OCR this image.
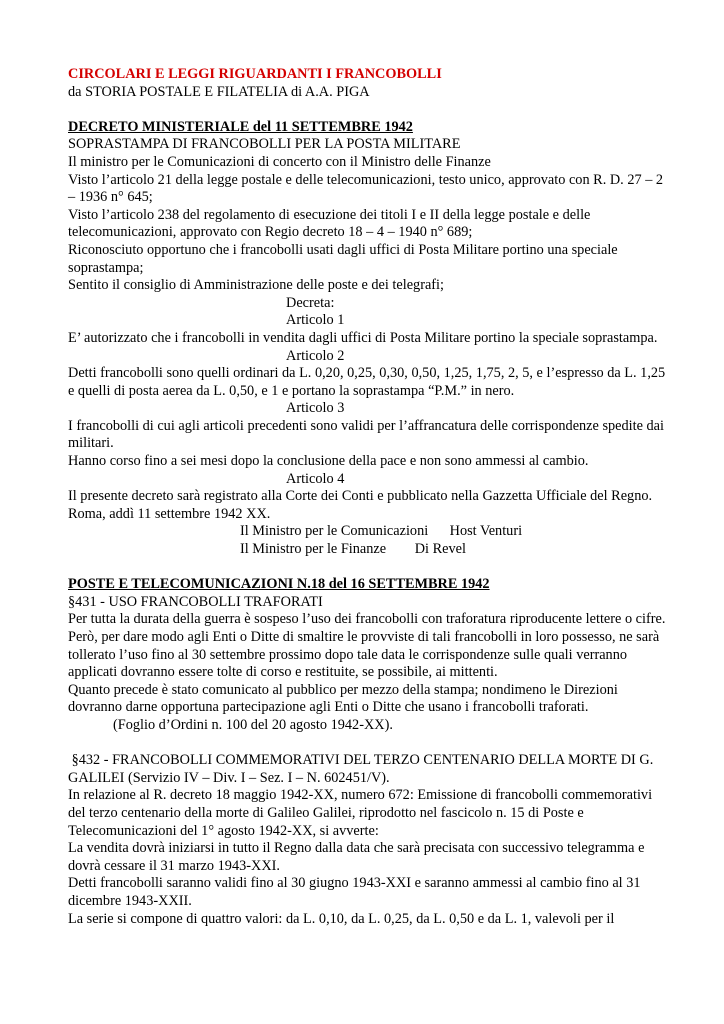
CIRCOLARI E LEGGI RIGUARDANTI I FRANCOBOLLI

da STORIA POSTALE E FILATELIA di A.A. PIGA

DECRETO MINISTERIALE del 11 SETTEMBRE 1942

SOPRASTAMPA DI FRANCOBOLLI PER LA POSTA MILITARE

Il ministro per le Comunicazioni di concerto con il Ministro delle Finanze

Visto l’articolo 21 della legge postale e delle telecomunicazioni, testo unico, approvato con R. D. 27 – 2 – 1936 n° 645;

Visto l’articolo 238 del regolamento di esecuzione dei titoli I e II della legge postale e delle telecomunicazioni, approvato con Regio decreto 18 – 4 – 1940 n° 689;

Riconosciuto opportuno che i francobolli usati dagli uffici di Posta Militare portino una speciale soprastampa;

Sentito il consiglio di Amministrazione delle poste e dei telegrafi;

Decreta:

Articolo 1

E’ autorizzato che i francobolli in vendita dagli uffici di Posta Militare portino la speciale soprastampa.

Articolo 2

Detti francobolli sono quelli ordinari da L. 0,20, 0,25, 0,30, 0,50, 1,25, 1,75, 2, 5, e l’espresso da L. 1,25 e quelli di posta aerea da L. 0,50, e 1 e portano la soprastampa “P.M.” in nero.

Articolo 3

I francobolli di cui agli articoli precedenti sono validi per l’affrancatura delle corrispondenze spedite dai militari.

Hanno corso fino a sei mesi dopo la conclusione della pace e non sono ammessi al cambio.

Articolo 4

Il presente decreto sarà registrato alla Corte dei Conti e pubblicato nella Gazzetta Ufficiale del Regno.

Roma, addì 11 settembre 1942 XX.

Il Ministro per le Comunicazioni      Host Venturi

Il Ministro per le Finanze        Di Revel

POSTE E TELECOMUNICAZIONI N.18 del 16 SETTEMBRE 1942

§431 - USO FRANCOBOLLI TRAFORATI

Per tutta la durata della guerra è sospeso l’uso dei francobolli con traforatura riproducente lettere o cifre.

Però, per dare modo agli Enti o Ditte di smaltire le provviste di tali francobolli in loro possesso, ne sarà tollerato l’uso fino al 30 settembre prossimo dopo tale data le corrispondenze sulle quali verranno applicati dovranno essere tolte di corso e restituite, se possibile, ai mittenti.

Quanto precede è stato comunicato al pubblico per mezzo della stampa; nondimeno le Direzioni dovranno darne opportuna partecipazione agli Enti o Ditte che usano i francobolli traforati.

(Foglio d’Ordini n. 100 del 20 agosto 1942-XX).

§432 - FRANCOBOLLI COMMEMORATIVI DEL TERZO CENTENARIO DELLA MORTE DI G. GALILEI (Servizio IV – Div. I – Sez. I – N. 602451/V).

In relazione al R. decreto 18 maggio 1942-XX, numero 672: Emissione di francobolli commemorativi del terzo centenario della morte di Galileo Galilei, riprodotto nel fascicolo n. 15 di Poste e Telecomunicazioni del 1° agosto 1942-XX, si avverte:

La vendita dovrà iniziarsi in tutto il Regno dalla data che sarà precisata con successivo telegramma e dovrà cessare il 31 marzo 1943-XXI.

Detti francobolli saranno validi fino al 30 giugno 1943-XXI e saranno ammessi al cambio fino al 31 dicembre 1943-XXII.

La serie si compone di quattro valori: da L. 0,10, da L. 0,25, da L. 0,50 e da L. 1, valevoli per il
